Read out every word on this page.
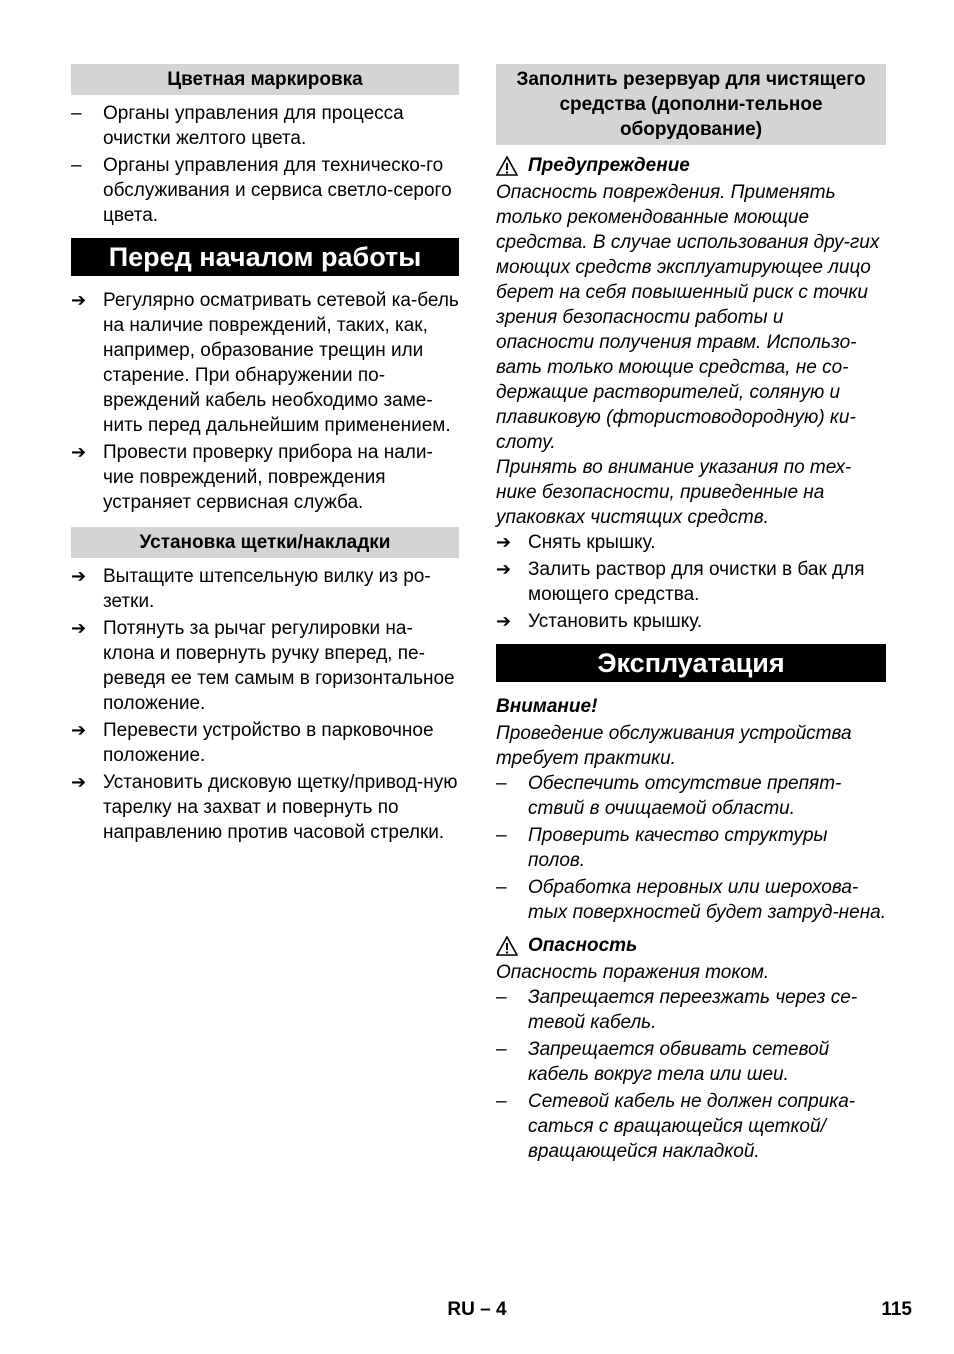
Цветная маркировка
–	Органы управления для процесса очистки желтого цвета.
–	Органы управления для техническо-го обслуживания и сервиса светло-серого цвета.
Перед началом работы
➔ Регулярно осматривать сетевой ка-бель на наличие повреждений, таких, как, например, образование трещин или старение. При обнаружении по-вреждений кабель необходимо заме-нить перед дальнейшим применением.
➔ Провести проверку прибора на нали-чие повреждений, повреждения устраняет сервисная служба.
Установка щетки/накладки
➔ Вытащите штепсельную вилку из ро-зетки.
➔ Потянуть за рычаг регулировки на-клона и повернуть ручку вперед, пе-реведя ее тем самым в горизонтальное положение.
➔ Перевести устройство в парковочное положение.
➔ Установить дисковую щетку/привод-ную тарелку на захват и повернуть по направлению против часовой стрелки.
Заполнить резервуар для чистящего средства (дополни-тельное оборудование)
Предупреждение

Опасность повреждения. Применять только рекомендованные моющие средства. В случае использования дру-гих моющих средств эксплуатирующее лицо берет на себя повышенный риск с точки зрения безопасности работы и опасности получения травм. Использо-вать только моющие средства, не со-держащие растворителей, соляную и плавиковую (фтористоводородную) ки-слоту.

Принять во внимание указания по тех-нике безопасности, приведенные на упаковках чистящих средств.

➔ Снять крышку.
➔ Залить раствор для очистки в бак для моющего средства.
➔ Установить крышку.
Эксплуатация
Внимание!

Проведение обслуживания устройства требует практики.

–	Обеспечить отсутствие препят-ствий в очищаемой области.
–	Проверить качество структуры полов.
–	Обработка неровных или шерохова-тых поверхностей будет затруд-нена.
Опасность

Опасность поражения током.

–	Запрещается переезжать через се-тевой кабель.
–	Запрещается обвивать сетевой кабель вокруг тела или шеи.
–	Сетевой кабель не должен соприка-саться с вращающейся щеткой/ вращающейся накладкой.
RU – 4	115
